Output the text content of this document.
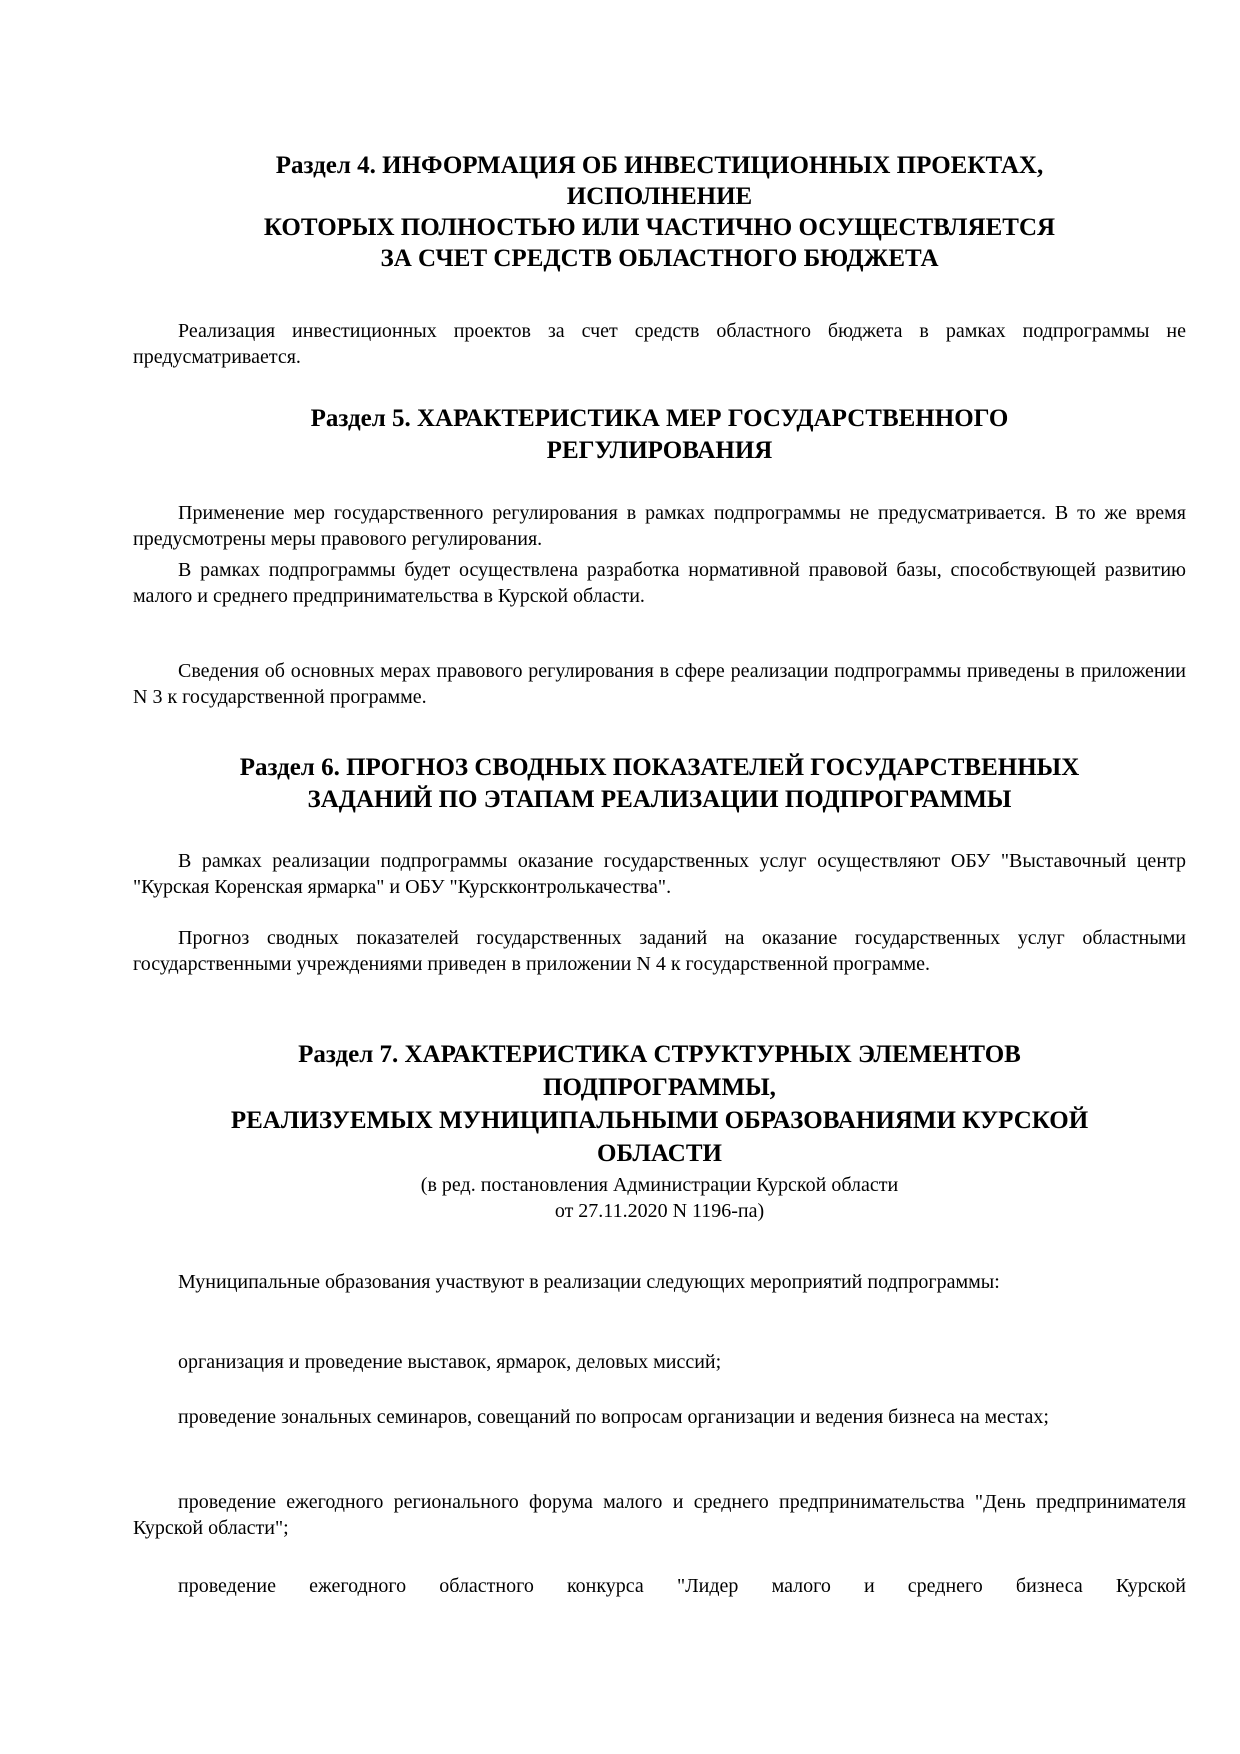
Раздел 4. ИНФОРМАЦИЯ ОБ ИНВЕСТИЦИОННЫХ ПРОЕКТАХ,
ИСПОЛНЕНИЕ
КОТОРЫХ ПОЛНОСТЬЮ ИЛИ ЧАСТИЧНО ОСУЩЕСТВЛЯЕТСЯ
ЗА СЧЕТ СРЕДСТВ ОБЛАСТНОГО БЮДЖЕТА

Реализация инвестиционных проектов за счет средств областного бюджета в рамках подпрограммы не предусматривается.

Раздел 5. ХАРАКТЕРИСТИКА МЕР ГОСУДАРСТВЕННОГО
РЕГУЛИРОВАНИЯ

Применение мер государственного регулирования в рамках подпрограммы не предусматривается. В то же время предусмотрены меры правового регулирования.

В рамках подпрограммы будет осуществлена разработка нормативной правовой базы, способствующей развитию малого и среднего предпринимательства в Курской области.

Сведения об основных мерах правового регулирования в сфере реализации подпрограммы приведены в приложении N 3 к государственной программе.

Раздел 6. ПРОГНОЗ СВОДНЫХ ПОКАЗАТЕЛЕЙ ГОСУДАРСТВЕННЫХ
ЗАДАНИЙ ПО ЭТАПАМ РЕАЛИЗАЦИИ ПОДПРОГРАММЫ

В рамках реализации подпрограммы оказание государственных услуг осуществляют ОБУ "Выставочный центр "Курская Коренская ярмарка" и ОБУ "Курскконтролькачества".

Прогноз сводных показателей государственных заданий на оказание государственных услуг областными государственными учреждениями приведен в приложении N 4 к государственной программе.

Раздел 7. ХАРАКТЕРИСТИКА СТРУКТУРНЫХ ЭЛЕМЕНТОВ
ПОДПРОГРАММЫ,
РЕАЛИЗУЕМЫХ МУНИЦИПАЛЬНЫМИ ОБРАЗОВАНИЯМИ КУРСКОЙ
ОБЛАСТИ
(в ред. постановления Администрации Курской области
от 27.11.2020 N 1196-па)

Муниципальные образования участвуют в реализации следующих мероприятий подпрограммы:

организация и проведение выставок, ярмарок, деловых миссий;

проведение зональных семинаров, совещаний по вопросам организации и ведения бизнеса на местах;

проведение ежегодного регионального форума малого и среднего предпринимательства "День предпринимателя Курской области";

проведение ежегодного областного конкурса "Лидер малого и среднего бизнеса Курской
